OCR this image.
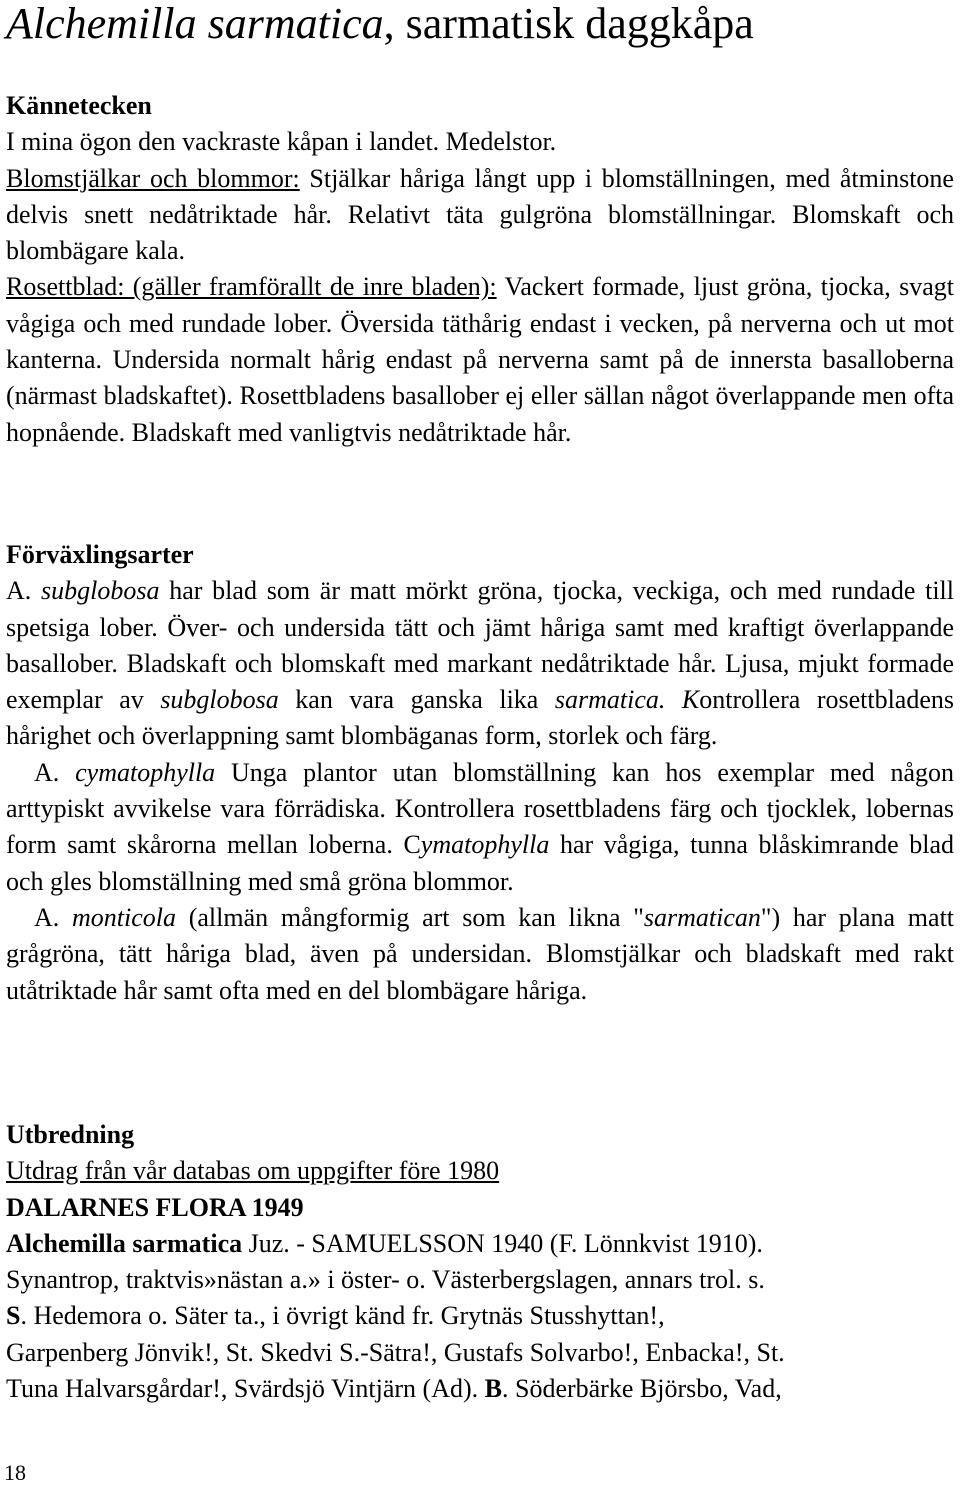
Alchemilla sarmatica, sarmatisk daggkåpa
Kännetecken

I mina ögon den vackraste kåpan i landet. Medelstor.

Blomstjälkar och blommor: Stjälkar håriga långt upp i blomställningen, med åtminstone delvis snett nedåtriktade hår. Relativt täta gulgröna blomställningar. Blomskaft och blombägare kala.

Rosettblad: (gäller framförallt de inre bladen): Vackert formade, ljust gröna, tjocka, svagt vågiga och med rundade lober. Översida täthårig endast i vecken, på nerverna och ut mot kanterna. Undersida normalt hårig endast på nerverna samt på de innersta basalloberna (närmast bladskaftet). Rosettbladens basallober ej eller sällan något överlappande men ofta hopnående. Bladskaft med vanligtvis nedåtriktade hår.

Förväxlingsarter

A. subglobosa har blad som är matt mörkt gröna, tjocka, veckiga, och med rundade till spetsiga lober. Över- och undersida tätt och jämt håriga samt med kraftigt överlappande basallober. Bladskaft och blomskaft med markant nedåtriktade hår. Ljusa, mjukt formade exemplar av subglobosa kan vara ganska lika sarmatica. Kontrollera rosettbladens hårighet och överlappning samt blombäganas form, storlek och färg.

A. cymatophylla Unga plantor utan blomställning kan hos exemplar med någon arttypiskt avvikelse vara förrädiska. Kontrollera rosettbladens färg och tjocklek, lobernas form samt skårorna mellan loberna. Cymatophylla har vågiga, tunna blåskimrande blad och gles blomställning med små gröna blommor.

A. monticola (allmän mångformig art som kan likna "sarmatican") har plana matt grågröna, tätt håriga blad, även på undersidan. Blomstjälkar och bladskaft med rakt utåtriktade hår samt ofta med en del blombägare håriga.

Utbredning
Utdrag från vår databas om uppgifter före 1980
DALARNES FLORA 1949
Alchemilla sarmatica Juz. - SAMUELSSON 1940 (F. Lönnkvist 1910).
Synantrop, traktvis»nästan a.» i öster- o. Västerbergslagen, annars trol. s.
S. Hedemora o. Säter ta., i övrigt känd fr. Grytnäs Stusshyttan!,
Garpenberg Jönvik!, St. Skedvi S.-Sätra!, Gustafs Solvarbo!, Enbacka!, St.
Tuna Halvarsgårdar!, Svärdsjö Vintjärn (Ad). B. Söderbärke Björsbo, Vad,
18
